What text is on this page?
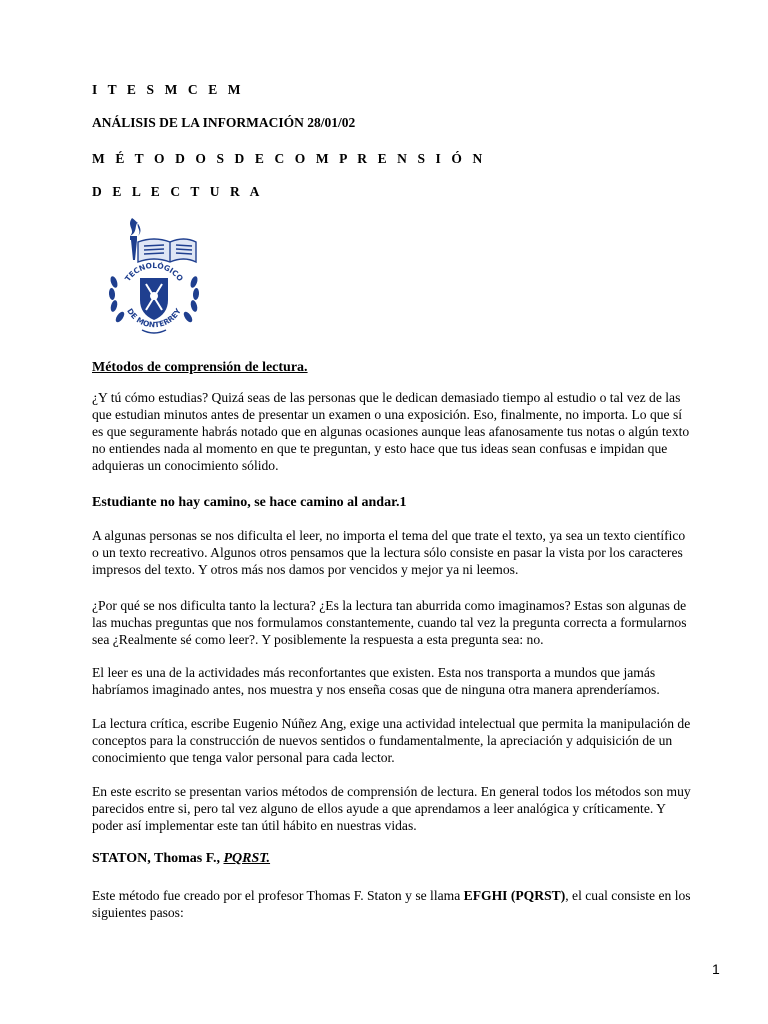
I T E S M C E M
ANÁLISIS DE LA INFORMACIÓN 28/01/02
M É T O D O S D E C O M P R E N S I Ó N
D E L E C T U R A
TECNOLÓGICO
DE MONTERREY
Métodos de comprensión de lectura.
¿Y tú cómo estudias? Quizá seas de las personas que le dedican demasiado tiempo al estudio o tal vez de las
que estudian minutos antes de presentar un examen o una exposición. Eso, finalmente, no importa. Lo que sí
es que seguramente habrás notado que en algunas ocasiones aunque leas afanosamente tus notas o algún texto
no entiendes nada al momento en que te preguntan, y esto hace que tus ideas sean confusas e impidan que
adquieras un conocimiento sólido.
Estudiante no hay camino, se hace camino al andar.1
A algunas personas se nos dificulta el leer, no importa el tema del que trate el texto, ya sea un texto científico
o un texto recreativo. Algunos otros pensamos que la lectura sólo consiste en pasar la vista por los caracteres
impresos del texto. Y otros más nos damos por vencidos y mejor ya ni leemos.
¿Por qué se nos dificulta tanto la lectura? ¿Es la lectura tan aburrida como imaginamos? Estas son algunas de
las muchas preguntas que nos formulamos constantemente, cuando tal vez la pregunta correcta a formularnos
sea ¿Realmente sé como leer?. Y posiblemente la respuesta a esta pregunta sea: no.
El leer es una de la actividades más reconfortantes que existen. Esta nos transporta a mundos que jamás
habríamos imaginado antes, nos muestra y nos enseña cosas que de ninguna otra manera aprenderíamos.
La lectura crítica, escribe Eugenio Núñez Ang, exige una actividad intelectual que permita la manipulación de
conceptos para la construcción de nuevos sentidos o fundamentalmente, la apreciación y adquisición de un
conocimiento que tenga valor personal para cada lector.
En este escrito se presentan varios métodos de comprensión de lectura. En general todos los métodos son muy
parecidos entre si, pero tal vez alguno de ellos ayude a que aprendamos a leer analógica y críticamente. Y
poder así implementar este tan útil hábito en nuestras vidas.
STATON, Thomas F., PQRST.
Este método fue creado por el profesor Thomas F. Staton y se llama EFGHI (PQRST), el cual consiste en los
siguientes pasos:
1
